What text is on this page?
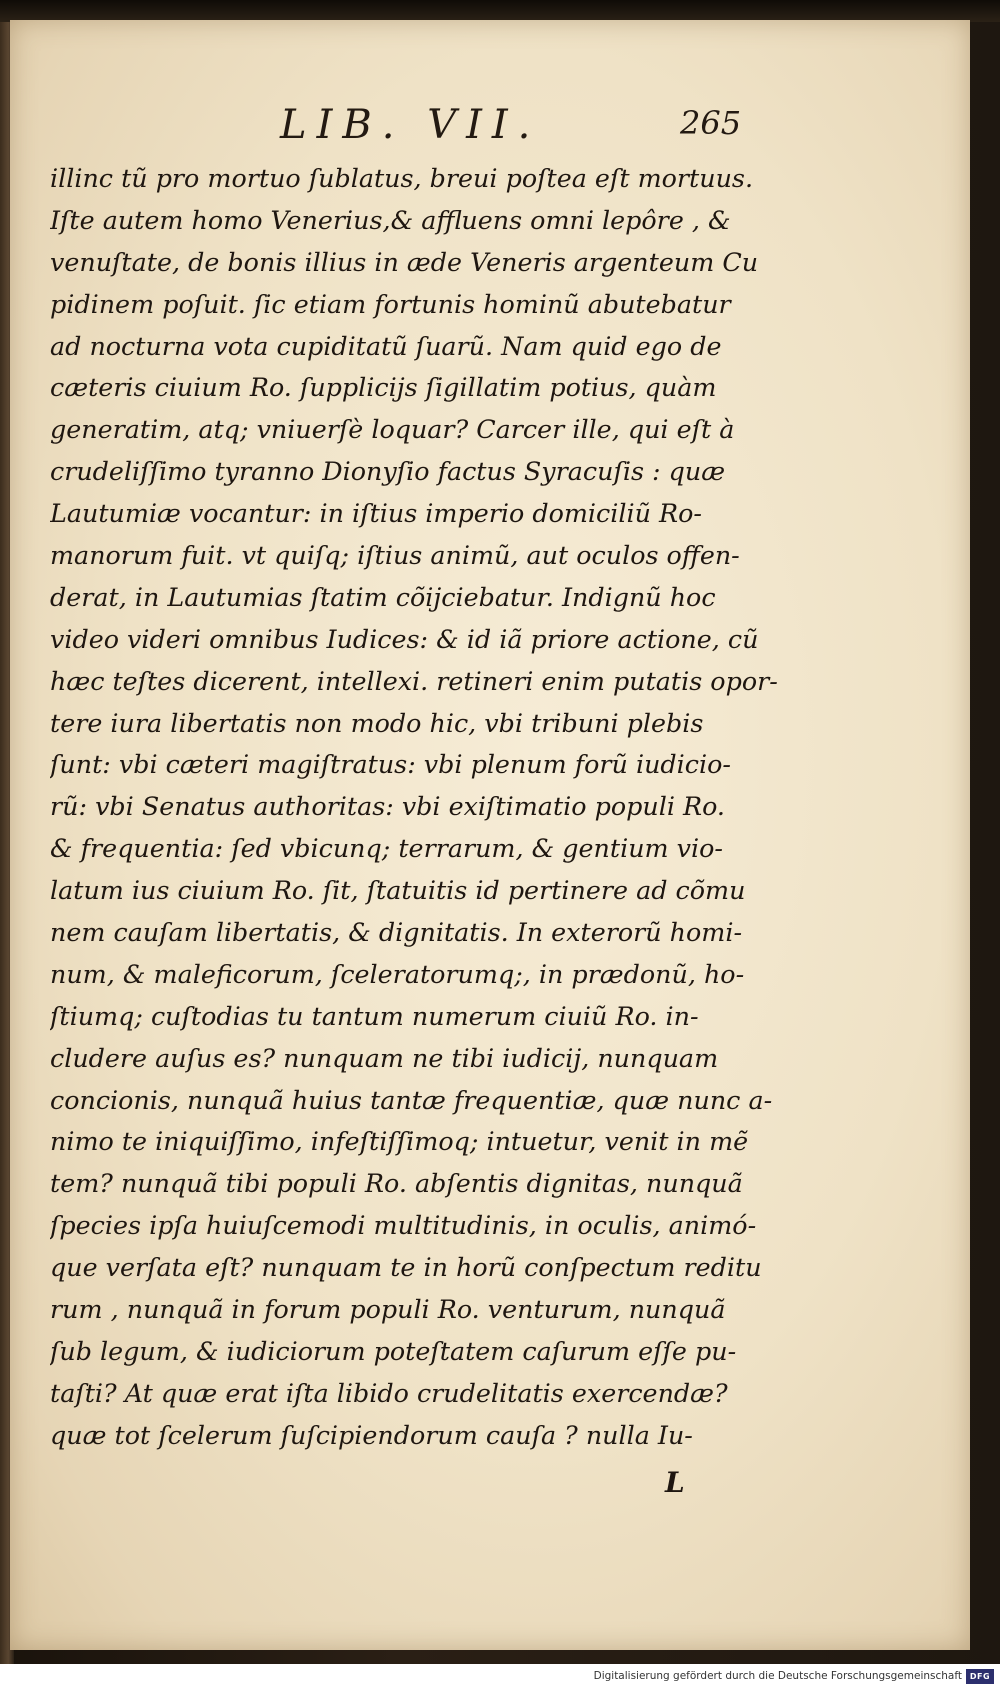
LIB. VII.	265
illinc tũ pro mortuo ſublatus, breui poſtea eſt mortuus.
Iſte autem homo Venerius,& affluens omni lepôre , &
venuſtate, de bonis illius in æde Veneris argenteum Cu
pidinem poſuit. ſic etiam fortunis hominũ abutebatur
ad nocturna vota cupiditatũ ſuarũ. Nam quid ego de
cæteris ciuium Ro. ſupplicijs ſigillatim potius, quàm
generatim, atq; vniuerſè loquar? Carcer ille, qui eſt à
crudeliſſimo tyranno Dionyſio factus Syracuſis : quæ
Lautumiæ vocantur: in iſtius imperio domiciliũ Ro-
manorum fuit. vt quiſq; iſtius animũ, aut oculos offen-
derat, in Lautumias ſtatim cõijciebatur. Indignũ hoc
video videri omnibus Iudices: & id iã priore actione, cũ
hæc teſtes dicerent, intellexi. retineri enim putatis opor-
tere iura libertatis non modo hic, vbi tribuni plebis
ſunt: vbi cæteri magiſtratus: vbi plenum forũ iudicio-
rũ: vbi Senatus authoritas: vbi exiſtimatio populi Ro.
& frequentia: ſed vbicunq; terrarum, & gentium vio-
latum ius ciuium Ro. ſit, ſtatuitis id pertinere ad cõmu
nem cauſam libertatis, & dignitatis. In exterorũ homi-
num, & maleficorum, ſceleratorumq;, in prædonũ, ho-
ſtiumq; cuſtodias tu tantum numerum ciuiũ Ro. in-
cludere auſus es? nunquam ne tibi iudicij, nunquam
concionis, nunquã huius tantæ frequentiæ, quæ nunc a-
nimo te iniquiſſimo, infeſtiſſimoq; intuetur, venit in mẽ
tem? nunquã tibi populi Ro. abſentis dignitas, nunquã
ſpecies ipſa huiuſcemodi multitudinis, in oculis, animó-
que verſata eſt? nunquam te in horũ conſpectum reditu
rum , nunquã in forum populi Ro. venturum, nunquã
ſub legum, & iudiciorum poteſtatem caſurum eſſe pu-
taſti? At quæ erat iſta libido crudelitatis exercendæ?
quæ tot ſcelerum ſuſcipiendorum cauſa ? nulla Iu-
L
Digitalisierung gefördert durch die Deutsche Forschungsgemeinschaft DFG
